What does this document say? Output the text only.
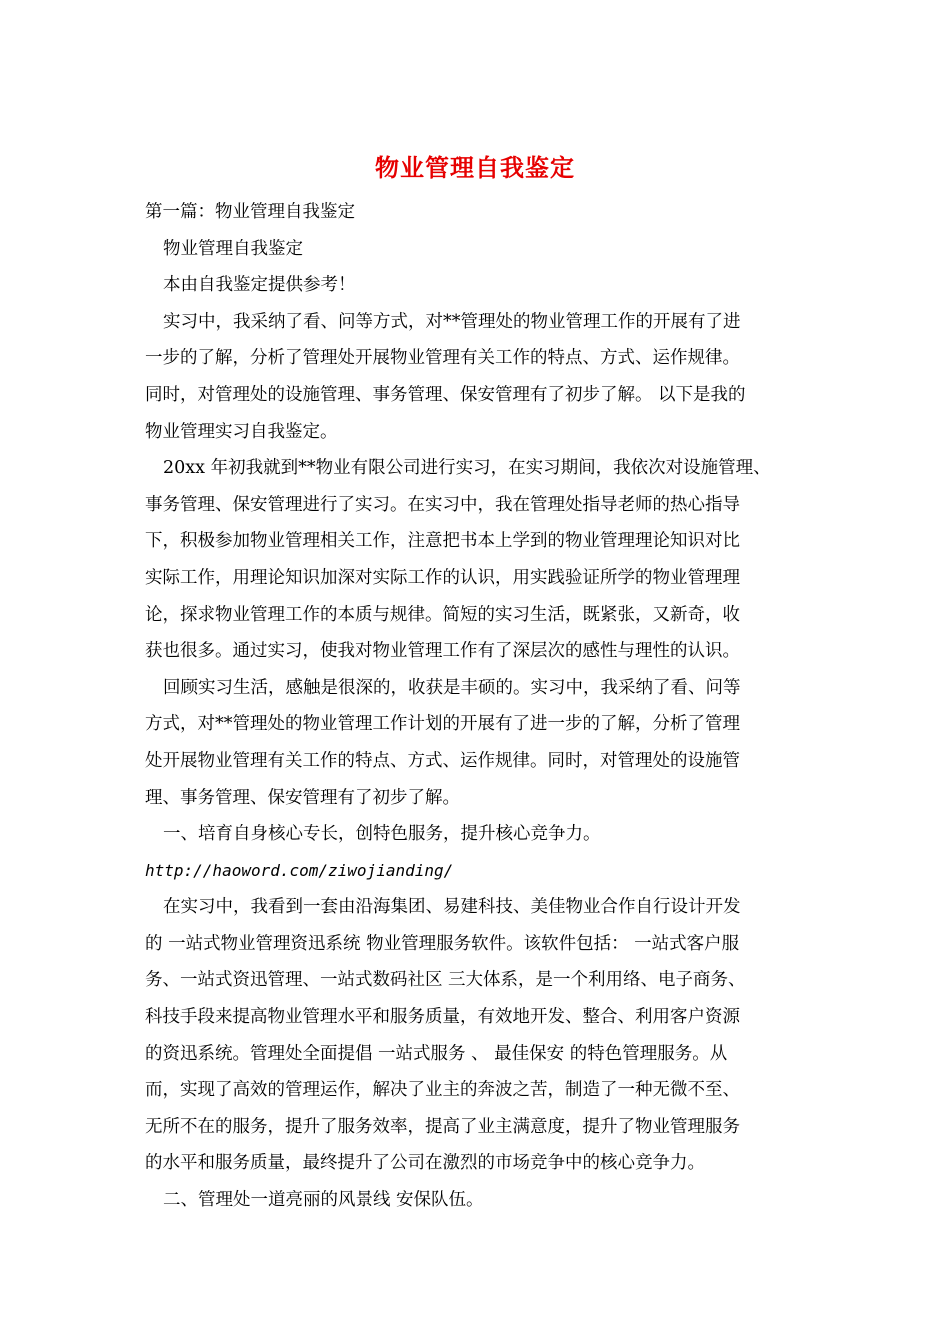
物业管理自我鉴定
第一篇：物业管理自我鉴定
物业管理自我鉴定
本由自我鉴定提供参考！
实习中，我采纳了看、问等方式，对**管理处的物业管理工作的开展有了进
一步的了解，分析了管理处开展物业管理有关工作的特点、方式、运作规律。
同时，对管理处的设施管理、事务管理、保安管理有了初步了解。 以下是我的
物业管理实习自我鉴定。
20xx 年初我就到**物业有限公司进行实习，在实习期间，我依次对设施管理、
事务管理、保安管理进行了实习。在实习中，我在管理处指导老师的热心指导
下，积极参加物业管理相关工作，注意把书本上学到的物业管理理论知识对比
实际工作，用理论知识加深对实际工作的认识，用实践验证所学的物业管理理
论，探求物业管理工作的本质与规律。简短的实习生活，既紧张，又新奇，收
获也很多。通过实习，使我对物业管理工作有了深层次的感性与理性的认识。
回顾实习生活，感触是很深的，收获是丰硕的。实习中，我采纳了看、问等
方式，对**管理处的物业管理工作计划的开展有了进一步的了解，分析了管理
处开展物业管理有关工作的特点、方式、运作规律。同时，对管理处的设施管
理、事务管理、保安管理有了初步了解。
一、培育自身核心专长，创特色服务，提升核心竞争力。
http://haoword.com/ziwojianding/
在实习中，我看到一套由沿海集团、易建科技、美佳物业合作自行设计开发
的 一站式物业管理资迅系统 物业管理服务软件。该软件包括： 一站式客户服
务、一站式资迅管理、一站式数码社区 三大体系，是一个利用络、电子商务、
科技手段来提高物业管理水平和服务质量，有效地开发、整合、利用客户资源
的资迅系统。管理处全面提倡 一站式服务 、 最佳保安 的特色管理服务。从
而，实现了高效的管理运作，解决了业主的奔波之苦，制造了一种无微不至、
无所不在的服务，提升了服务效率，提高了业主满意度，提升了物业管理服务
的水平和服务质量，最终提升了公司在激烈的市场竞争中的核心竞争力。
二、管理处一道亮丽的风景线 安保队伍。
